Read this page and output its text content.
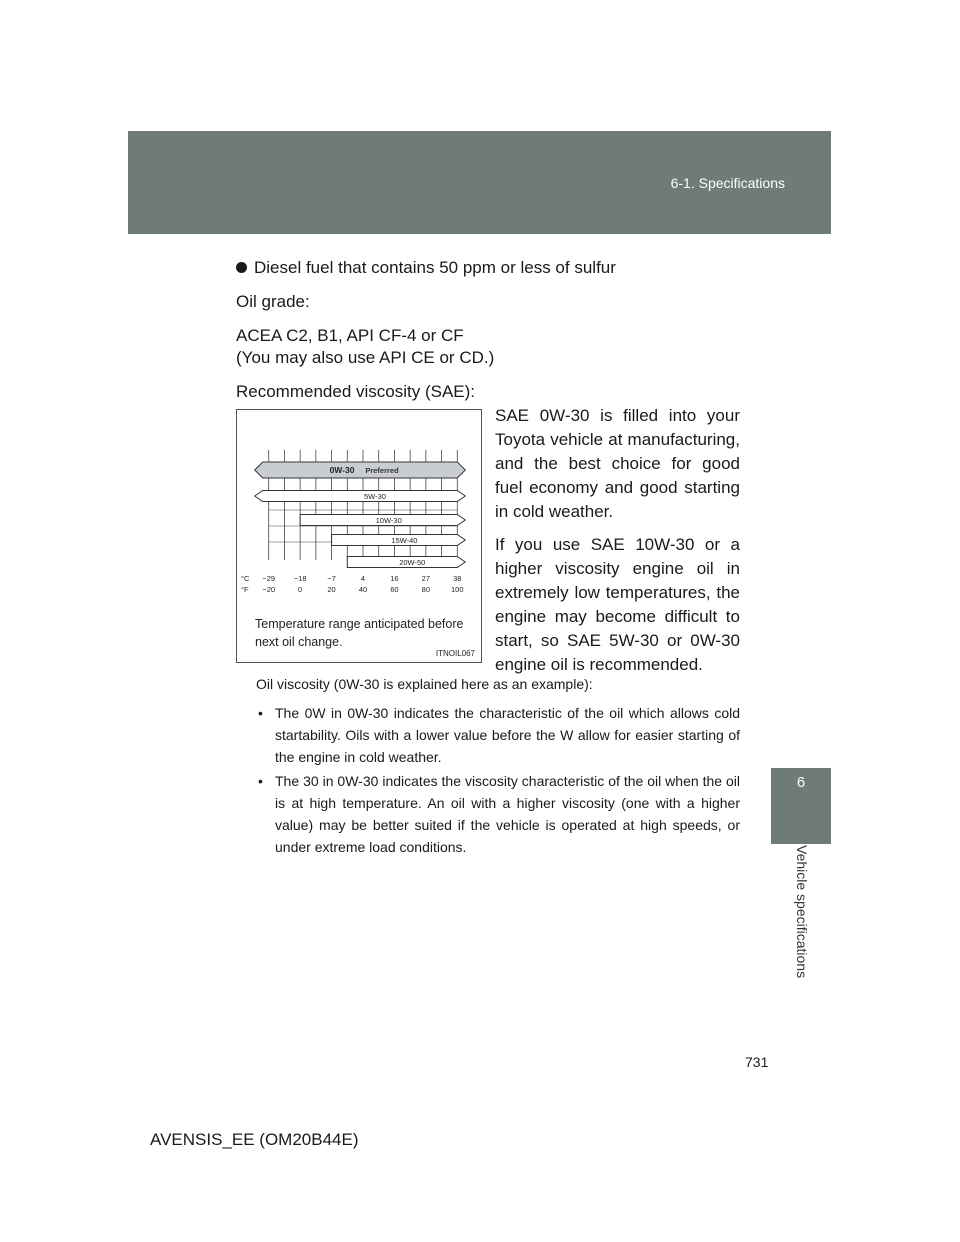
6-1. Specifications
6
Vehicle specifications
Diesel fuel that contains 50 ppm or less of sulfur
Oil grade:
ACEA C2, B1, API CF-4 or CF
(You may also use API CE or CD.)
Recommended viscosity (SAE):
0W-30 Preferred
5W-30
10W-30
15W-40
20W-50
°C
°F
−29
−20
−18
0
−7
20
4
40
16
60
27
80
38
100
Temperature range anticipated before next oil change.
ITNOIL067

SAE 0W-30 is filled into your Toyota vehicle at manufacturing, and the best choice for good fuel economy and good starting in cold weather.

If you use SAE 10W-30 or a higher viscosity engine oil in extremely low temperatures, the engine may become difficult to start, so SAE 5W-30 or 0W-30 engine oil is recommended.

Oil viscosity (0W-30 is explained here as an example):
• The 0W in 0W-30 indicates the characteristic of the oil which allows cold startability. Oils with a lower value before the W allow for easier starting of the engine in cold weather.
• The 30 in 0W-30 indicates the viscosity characteristic of the oil when the oil is at high temperature. An oil with a higher viscosity (one with a higher value) may be better suited if the vehicle is operated at high speeds, or under extreme load conditions.
731
AVENSIS_EE (OM20B44E)
